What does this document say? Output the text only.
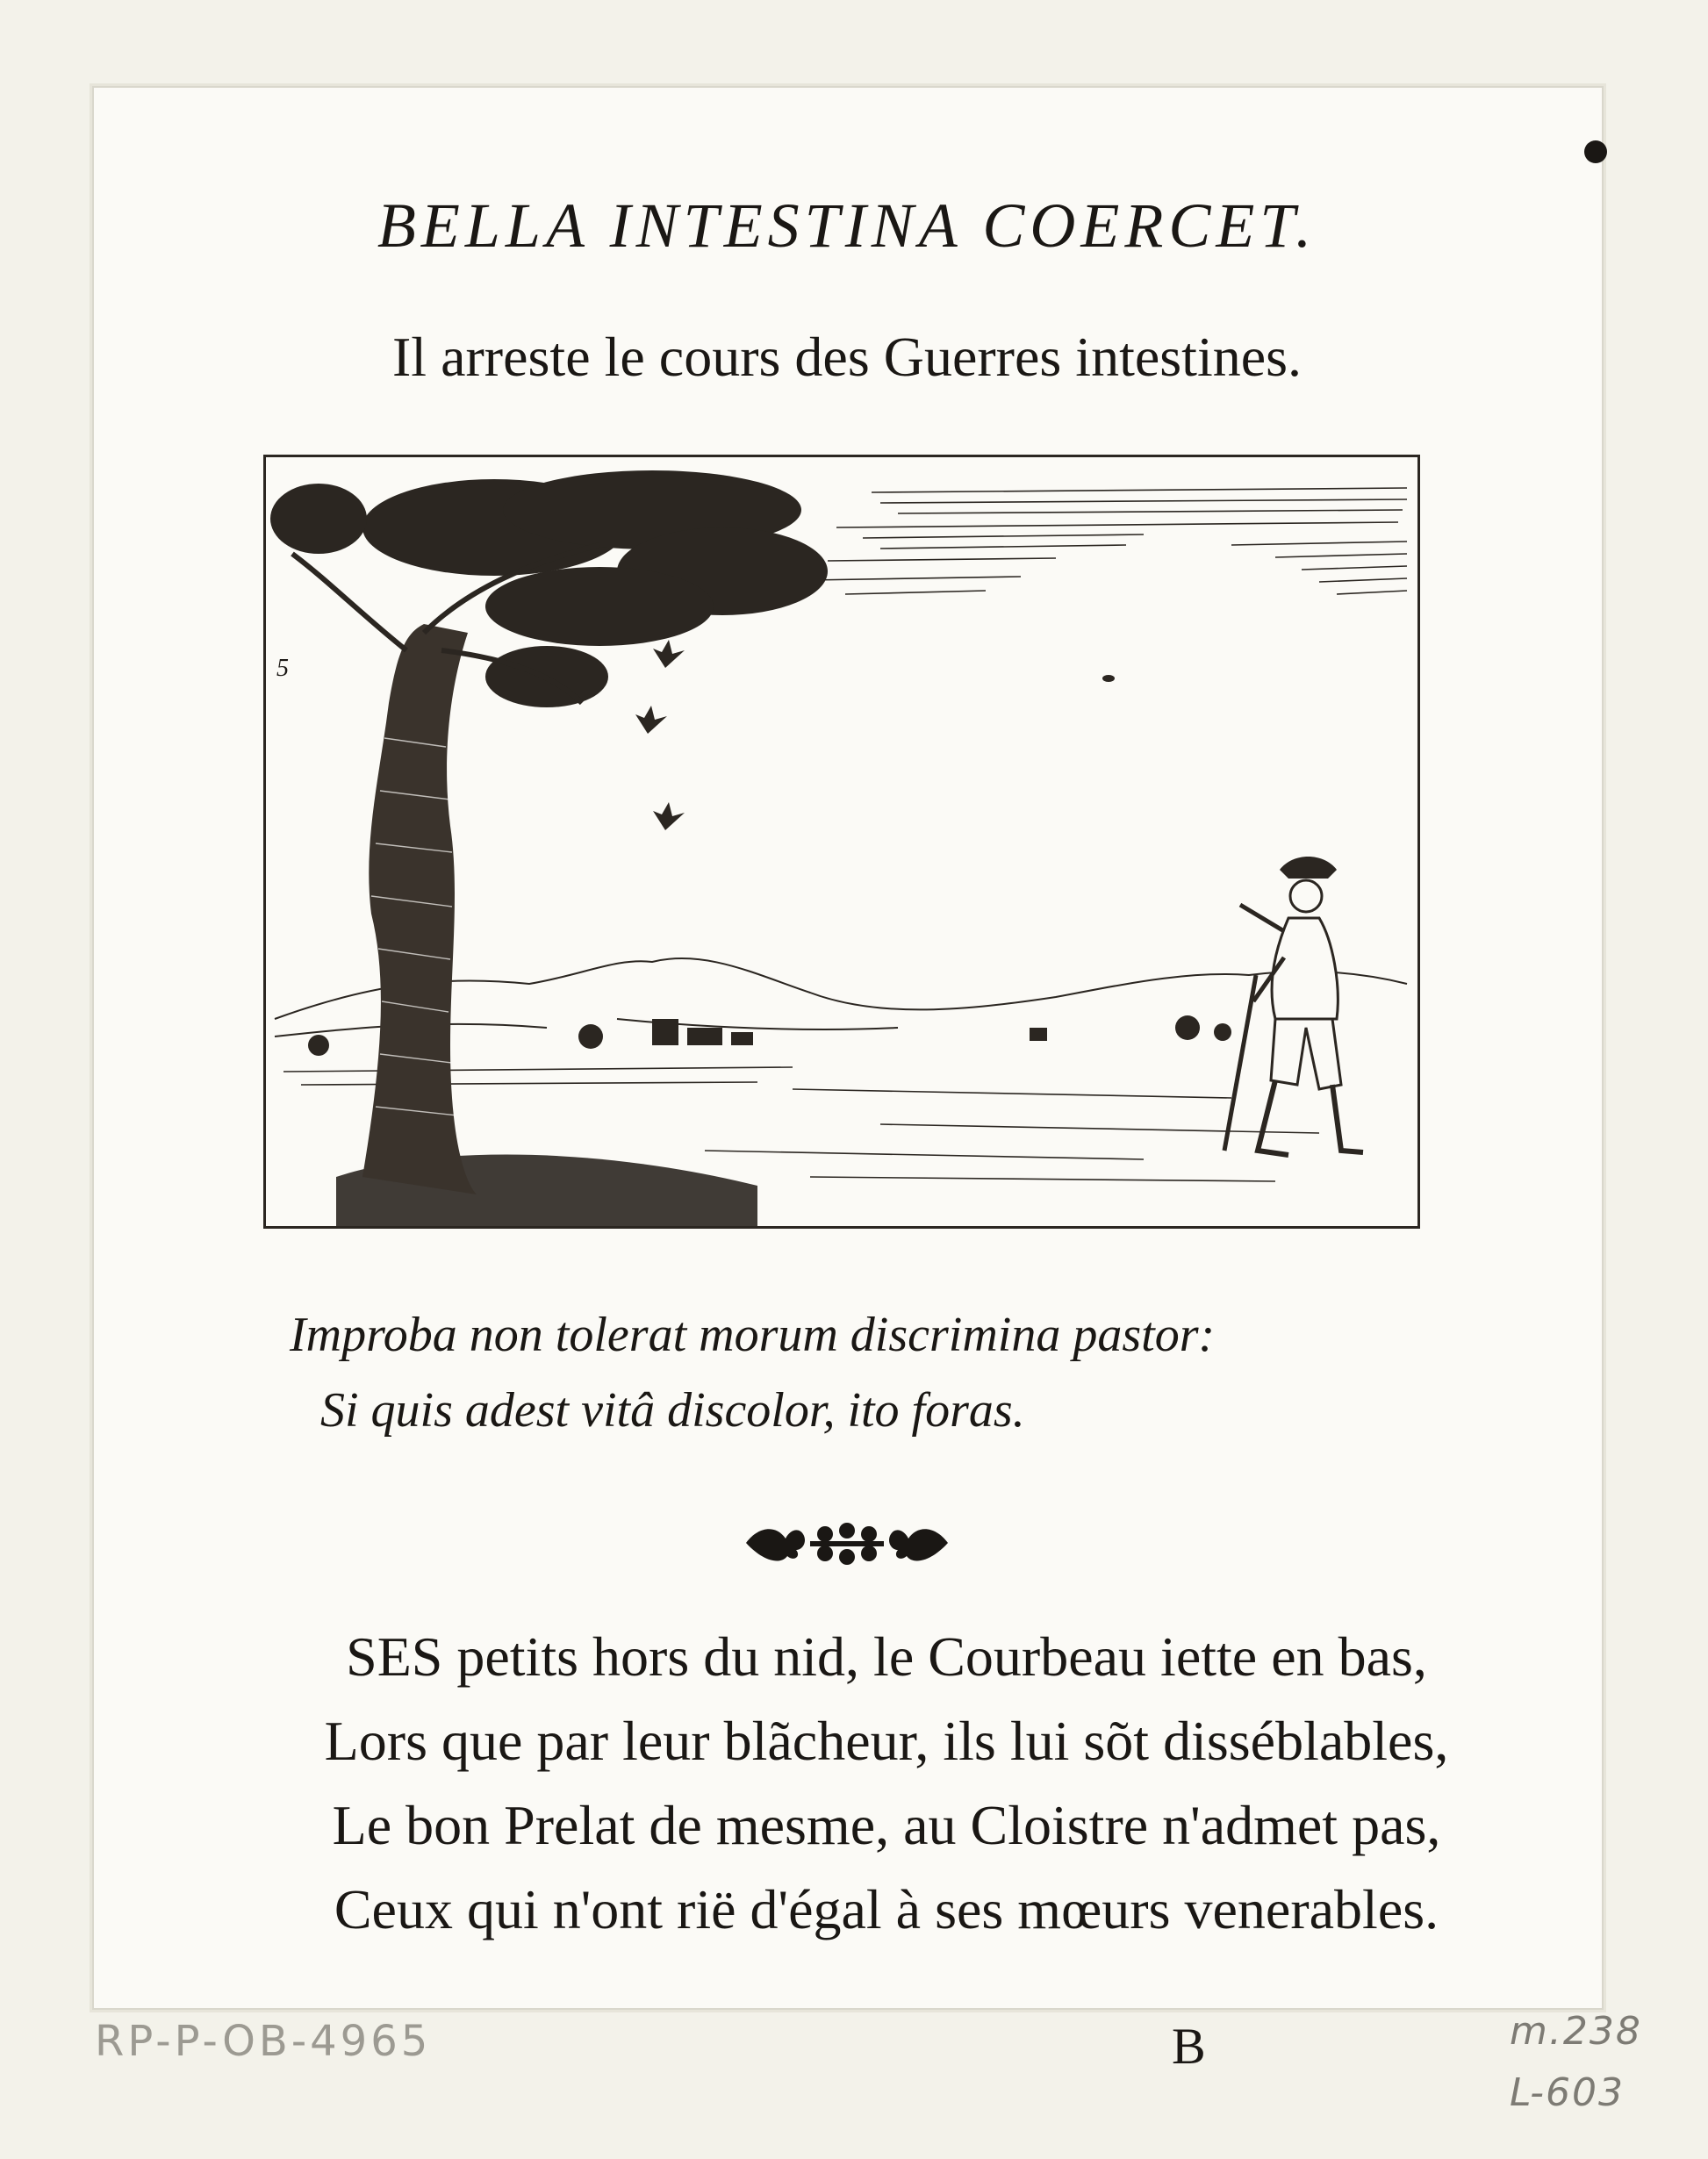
BELLA INTESTINA COERCET.
Il arreste le cours des Guerres intestines.
5
Improba non tolerat morum discrimina pastor:
Si quis adest vitâ discolor, ito foras.
SES petits hors du nid, le Courbeau iette en bas,
Lors que par leur blãcheur, ils lui sõt disséblables,
Le bon Prelat de mesme, au Cloistre n'admet pas,
Ceux qui n'ont rië d'égal à ses mœurs venerables.
B
RP-P-OB-4965	m.238
L-603
